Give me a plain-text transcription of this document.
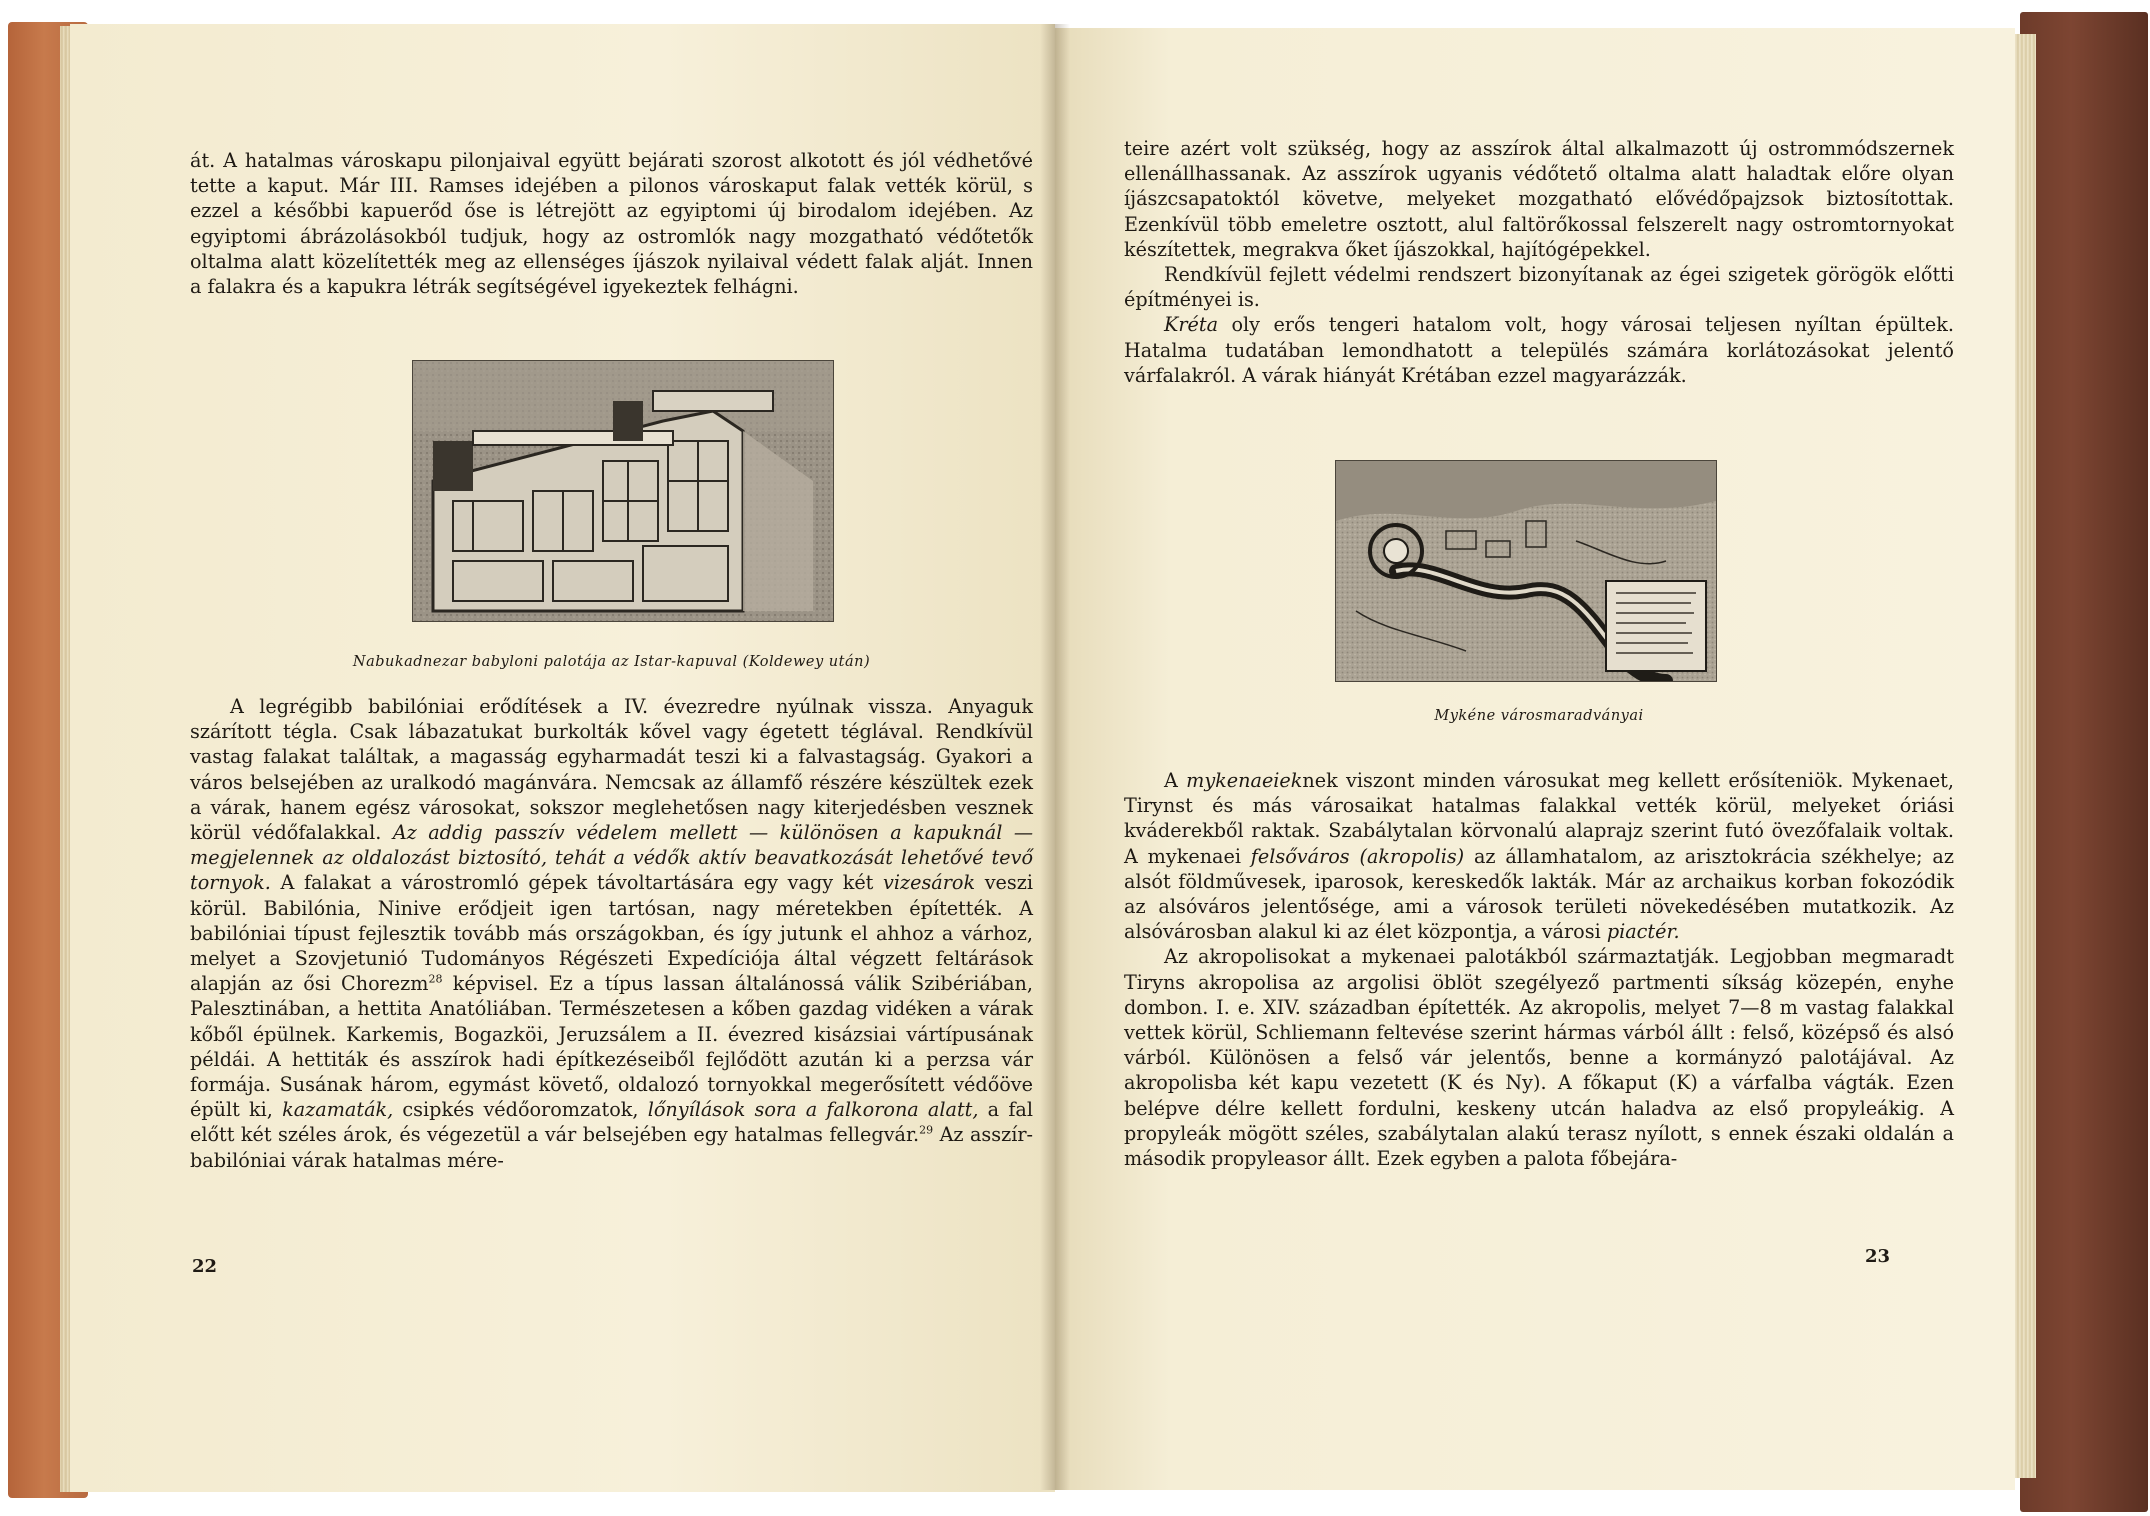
át. A hatalmas városkapu pilonjaival együtt bejárati szorost alkotott és jól védhetővé tette a kaput. Már III. Ramses idejében a pilonos városkaput falak vették körül, s ezzel a későbbi kapuerőd őse is létrejött az egyiptomi új birodalom idejében. Az egyiptomi ábrázolásokból tudjuk, hogy az ostromlók nagy mozgatható védőtetők oltalma alatt közelítették meg az ellenséges íjászok nyilaival védett falak alját. Innen a falakra és a kapukra létrák segítségével igyekeztek felhágni.

Nabukadnezar babyloni palotája az Istar-kapuval (Koldewey után)

A legrégibb babilóniai erődítések a IV. évezredre nyúlnak vissza. Anyaguk szárított tégla. Csak lábazatukat burkolták kővel vagy égetett téglával. Rendkívül vastag falakat találtak, a magasság egyharmadát teszi ki a falvastagság. Gyakori a város belsejében az uralkodó magánvára. Nemcsak az államfő részére készültek ezek a várak, hanem egész városokat, sokszor meglehetősen nagy kiterjedésben vesznek körül védőfalakkal. Az addig passzív védelem mellett — különösen a kapuknál — megjelennek az oldalozást biztosító, tehát a védők aktív beavatkozását lehetővé tevő tornyok. A falakat a várostromló gépek távoltartására egy vagy két vizesárok veszi körül. Babilónia, Ninive erődjeit igen tartósan, nagy méretekben építették. A babilóniai típust fejlesztik tovább más országokban, és így jutunk el ahhoz a várhoz, melyet a Szovjetunió Tudományos Régészeti Expedíciója által végzett feltárások alapján az ősi Chorezm$^{28}$ képvisel. Ez a típus lassan általánossá válik Szibériában, Palesztinában, a hettita Anatóliában. Természetesen a kőben gazdag vidéken a várak kőből épülnek. Karkemis, Bogazköi, Jeruzsálem a II. évezred kisázsiai vártípusának példái. A hettiták és asszírok hadi építkezéseiből fejlődött azután ki a perzsa vár formája. Susának három, egymást követő, oldalozó tornyokkal megerősített védőöve épült ki, kazamaták, csipkés védőoromzatok, lőnyílások sora a falkorona alatt, a fal előtt két széles árok, és végezetül a vár belsejében egy hatalmas fellegvár.$^{29}$ Az asszír-babilóniai várak hatalmas mére-

22

teire azért volt szükség, hogy az asszírok által alkalmazott új ostrommódszernek ellenállhassanak. Az asszírok ugyanis védőtető oltalma alatt haladtak előre olyan íjászcsapatoktól követve, melyeket mozgatható elővédőpajzsok biztosítottak. Ezenkívül több emeletre osztott, alul faltörőkossal felszerelt nagy ostromtornyokat készítettek, megrakva őket íjászokkal, hajítógépekkel.

Rendkívül fejlett védelmi rendszert bizonyítanak az égei szigetek görögök előtti építményei is.

Kréta oly erős tengeri hatalom volt, hogy városai teljesen nyíltan épültek. Hatalma tudatában lemondhatott a település számára korlátozásokat jelentő várfalakról. A várak hiányát Krétában ezzel magyarázzák.

Mykéne városmaradványai

A mykenaeieknek viszont minden városukat meg kellett erősíteniök. Mykenaet, Tirynst és más városaikat hatalmas falakkal vették körül, melyeket óriási kváderekből raktak. Szabálytalan körvonalú alaprajz szerint futó övezőfalaik voltak. A mykenaei felsőváros (akropolis) az államhatalom, az arisztokrácia székhelye; az alsót földművesek, iparosok, kereskedők lakták. Már az archaikus korban fokozódik az alsóváros jelentősége, ami a városok területi növekedésében mutatkozik. Az alsóvárosban alakul ki az élet központja, a városi piactér.

Az akropolisokat a mykenaei palotákból származtatják. Legjobban megmaradt Tiryns akropolisa az argolisi öblöt szegélyező partmenti síkság közepén, enyhe dombon. I. e. XIV. században építették. Az akropolis, melyet 7—8 m vastag falakkal vettek körül, Schliemann feltevése szerint hármas várból állt : felső, középső és alsó várból. Különösen a felső vár jelentős, benne a kormányzó palotájával. Az akropolisba két kapu vezetett (K és Ny). A főkaput (K) a várfalba vágták. Ezen belépve délre kellett fordulni, keskeny utcán haladva az első propyleákig. A propyleák mögött széles, szabálytalan alakú terasz nyílott, s ennek északi oldalán a második propyleasor állt. Ezek egyben a palota főbejára-

23
